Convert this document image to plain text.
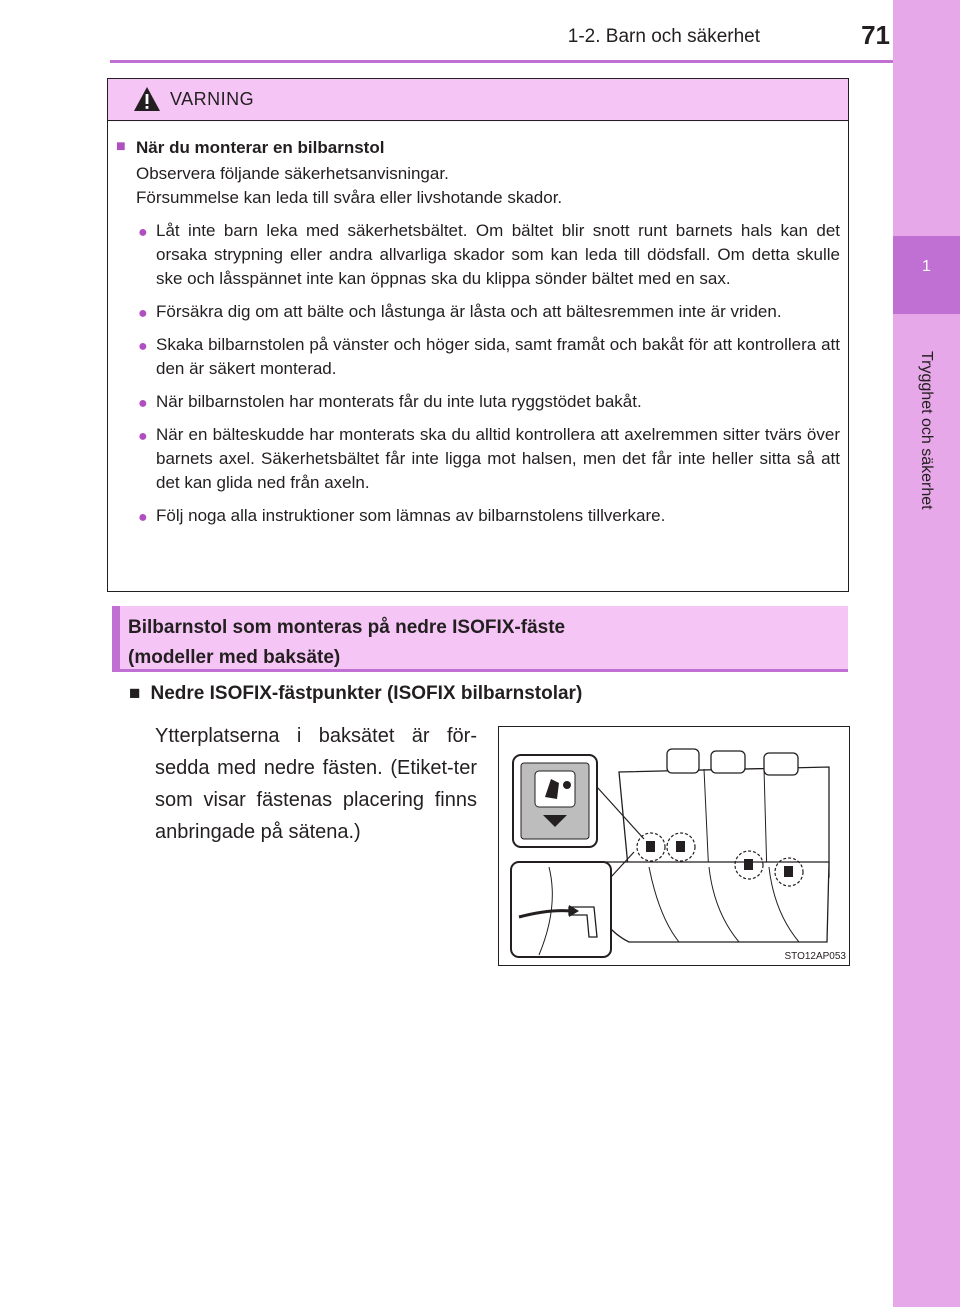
1
Trygghet och säkerhet
1-2. Barn och säkerhet	71
VARNING
■ När du monterar en bilbarnstol
Observera följande säkerhetsanvisningar.
Försummelse kan leda till svåra eller livshotande skador.
● Låt inte barn leka med säkerhetsbältet. Om bältet blir snott runt barnets hals kan det orsaka strypning eller andra allvarliga skador som kan leda till dödsfall. Om detta skulle ske och låsspännet inte kan öppnas ska du klippa sönder bältet med en sax.
● Försäkra dig om att bälte och låstunga är låsta och att bältesremmen inte är vriden.
● Skaka bilbarnstolen på vänster och höger sida, samt framåt och bakåt för att kontrollera att den är säkert monterad.
● När bilbarnstolen har monterats får du inte luta ryggstödet bakåt.
● När en bälteskudde har monterats ska du alltid kontrollera att axelremmen sitter tvärs över barnets axel. Säkerhetsbältet får inte ligga mot halsen, men det får inte heller sitta så att det kan glida ned från axeln.
● Följ noga alla instruktioner som lämnas av bilbarnstolens tillverkare.
Bilbarnstol som monteras på nedre ISOFIX-fäste
(modeller med baksäte)
■ Nedre ISOFIX-fästpunkter (ISOFIX bilbarnstolar)
Ytterplatserna i baksätet är för-sedda med nedre fästen. (Etiket-ter som visar fästenas placering finns anbringade på sätena.)
STO12AP053
